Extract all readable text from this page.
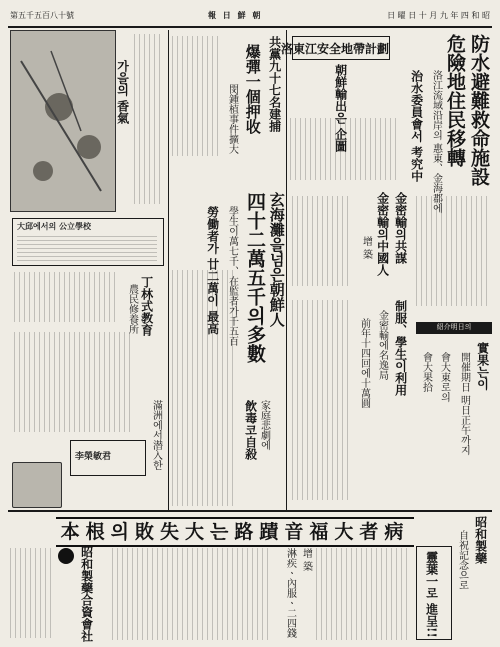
第五千五百八十號	報 日 鮮 朝	日 曜 日 十 月 九 年 四 和 昭
防水避難救命施設
危險地住民移轉
洛江流域沿岸의 惠東、金海郡에
治水委員會서 考究中
劃計帶地全安江東洛
朝鮮輸出은 企圖
共黨九十七名建捕
爆彈一個押收
閔鍾植事件擴大
玄海灘을넘은朝鮮人
四十二萬五千의多數
學生이萬七千、在監者가千五百
勞働者가 廿二萬이 最高	金密輸의共謀
金密輸의中國人
增 築
制服、學生이利用
金密輸에名逸局
前年十四回에十萬圓
家庭悲劇에
飲毒코自殺
가을의 香氣
大邱에서의 公立學校
丁林式教育
農民修養所
滿洲에서潜入한
李榮敏君
紹介明日의
實果는이
開催期日 明日正午까지
會大東로의
會大果拾
病者大福音蹟路는大失敗의根本	昭和製藥
自祝記念으로
靈葉一로 進呈!!
昭和製藥合資會社	增 築
淋疾ㆍ內服ㆍ二四錢
